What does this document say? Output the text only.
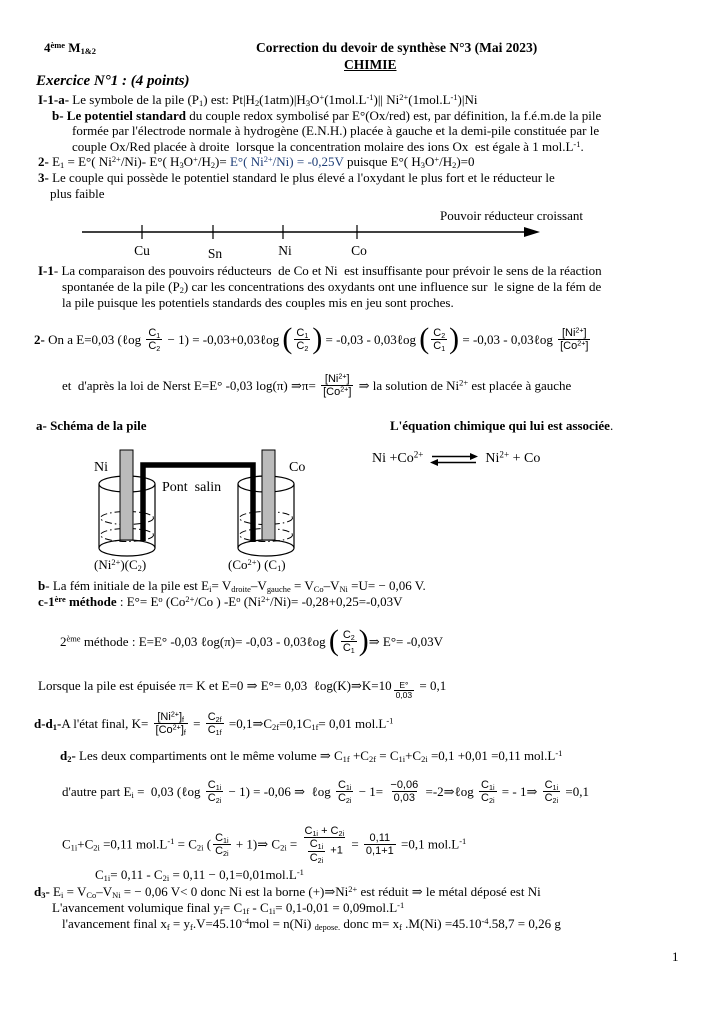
4ème $M_{1\&2}$	Correction du devoir de synthèse N°3 (Mai 2023)
CHIMIE
Exercice N°1 : (4 points)
I-1-a- Le symbole de la pile $(P_1)$ est: $Pt|H_2(1atm)|H_3O^+(1mol.L^{-1})||$ $Ni^{2+}(1mol.L^{-1})|Ni$
b- Le potentiel standard du couple redox symbolisé par E°(Ox/red) est, par définition, la f.é.m.de la pile
formée par l'électrode normale à hydrogène (E.N.H.) placée à gauche et la demi-pile constituée par le
couple Ox/Red placée à droite  lorsque la concentration molaire des ions Ox  est égale à 1 $mol.L^{-1}$.
2- $E_1 = E^\circ$( $Ni^{2+}/Ni)-$ E°( $H_3O^+/H_2)= E^\circ$( $Ni^{2+}/Ni) = -0,25V$ puisque E°( $H_3O^+/H_2)=0$
3- Le couple qui possède le potentiel standard le plus élevé a l'oxydant le plus fort et le réducteur le
plus faible
Pouvoir réducteur croissant
I-1- La comparaison des pouvoirs réducteurs  de Co et Ni  est insuffisante pour prévoir le sens de la réaction
spontanée de la pile $(P_2)$ car les concentrations des oxydants ont une influence sur  le signe de la fém de
la pile puisque les potentiels standards des couples mis en jeu sont proches.
2- On a E=0,03 (ℓog $\frac{C_1}{C_2} - 1$) = -0,03+0,03ℓog ( $\frac{C_1}{C_2}$ ) = -0,03 - 0,03ℓog ( $\frac{C_2}{C_1}$ ) = -0,03 - 0,03ℓog $\frac{[Ni^{2+}]}{[Co^{2+}]}$
et  d'après la loi de Nerst E=E° -0,03 log(π) ⇒π= $\frac{[Ni^{2+}]}{[Co^{2+}]}$ ⇒ la solution de $Ni^{2+}$ est placée à gauche
a- Schéma de la pile	L'équation chimique qui lui est associée.
$(Ni^{2+})(C_2)$	$(Co^{2+})$ $(C_1)$
b- La fém initiale de la pile est $E_i= V_{droite}-V_{gauche} = V_{Co}-V_{Ni} =U= - 0,06$ V.
c-1ère méthode : $E^\circ= E^o$ ($Co^{2+}/Co$ ) $-E^o$ $(Ni^{2+}/Ni)= -0,28+0,25=-0,03V$
2ème méthode : E=E° -0,03 ℓog(π)= -0,03 - 0,03ℓog ( $\frac{C_2}{C_1}$ )⇒ E°= -0,03V
Lorsque la pile est épuisée π= K et E=0 ⇒ E°= 0,03  ℓog(K)⇒K=10 $^{\frac{E^\circ}{0,03}}$ = 0,1
$d-d_1-A$ l'état final, $K= \frac{[Ni^{2+}]_f}{[Co^{2+}]_f} = \frac{C_{2f}}{C_{1f}}$ $=0,1\Rightarrow C_{2f}=0,1C_{1f}= 0,01$ $mol.L^{-1}$
$d_2-$ Les deux compartiments ont le même volume ⇒ $C_{1f} +C_{2f} = C_{1i}+C_{2i} =0,1 +0,01 =0,11$ $mol.L^{-1}$
d'autre part $E_i = 0,03$ (ℓog $\frac{C_{1i}}{C_{2i}} - 1) = -0,06$ ⇒  ℓog $\frac{C_{1i}}{C_{2i}} - 1= \frac{-0,06}{0,03}$ =-2⇒ℓog $\frac{C_{1i}}{C_{2i}}$ = - 1⇒ $\frac{C_{1i}}{C_{2i}} =0,1$
$C_{1i}+C_{2i} =0,11$ $mol.L^{-1} = C_{2i}$ ( $\frac{C_{1i}}{C_{2i}}$ + 1)⇒ $C_{2i} = \frac{C_{1i} + C_{2i}}{\frac{C_{1i}}{C_{2i}} +1} = \frac{0,11}{0,1+1} =0,1$ $mol.L^{-1}$
$C_{1i}= 0,11 - C_{2i} = 0,11 - 0,1=0,01mol.L^{-1}$
$d_3-$ $E_i = V_{Co}-V_{Ni}$ = − 0,06 V< 0 donc Ni est la borne $(+)\Rightarrow Ni^{2+}$ est réduit ⇒ le métal déposé est Ni
L'avancement volumique final $y_f= C_{1f} - C_{1i}= 0,1-0,01 = 0,09mol.L^{-1}$
l'avancement final $x_f = y_f.V=45.10^{-4}mol = n(Ni)$ $_{depose.}$ donc $m= x_f$ $.M(Ni) =45.10^{-4}.58,7 = 0,26$ g
Cu	Sn	Ni	Co
Ni	Co
Pont  salin
$Ni +Co^{2+}$ ⇌ $Ni^{2+} + Co$
1
